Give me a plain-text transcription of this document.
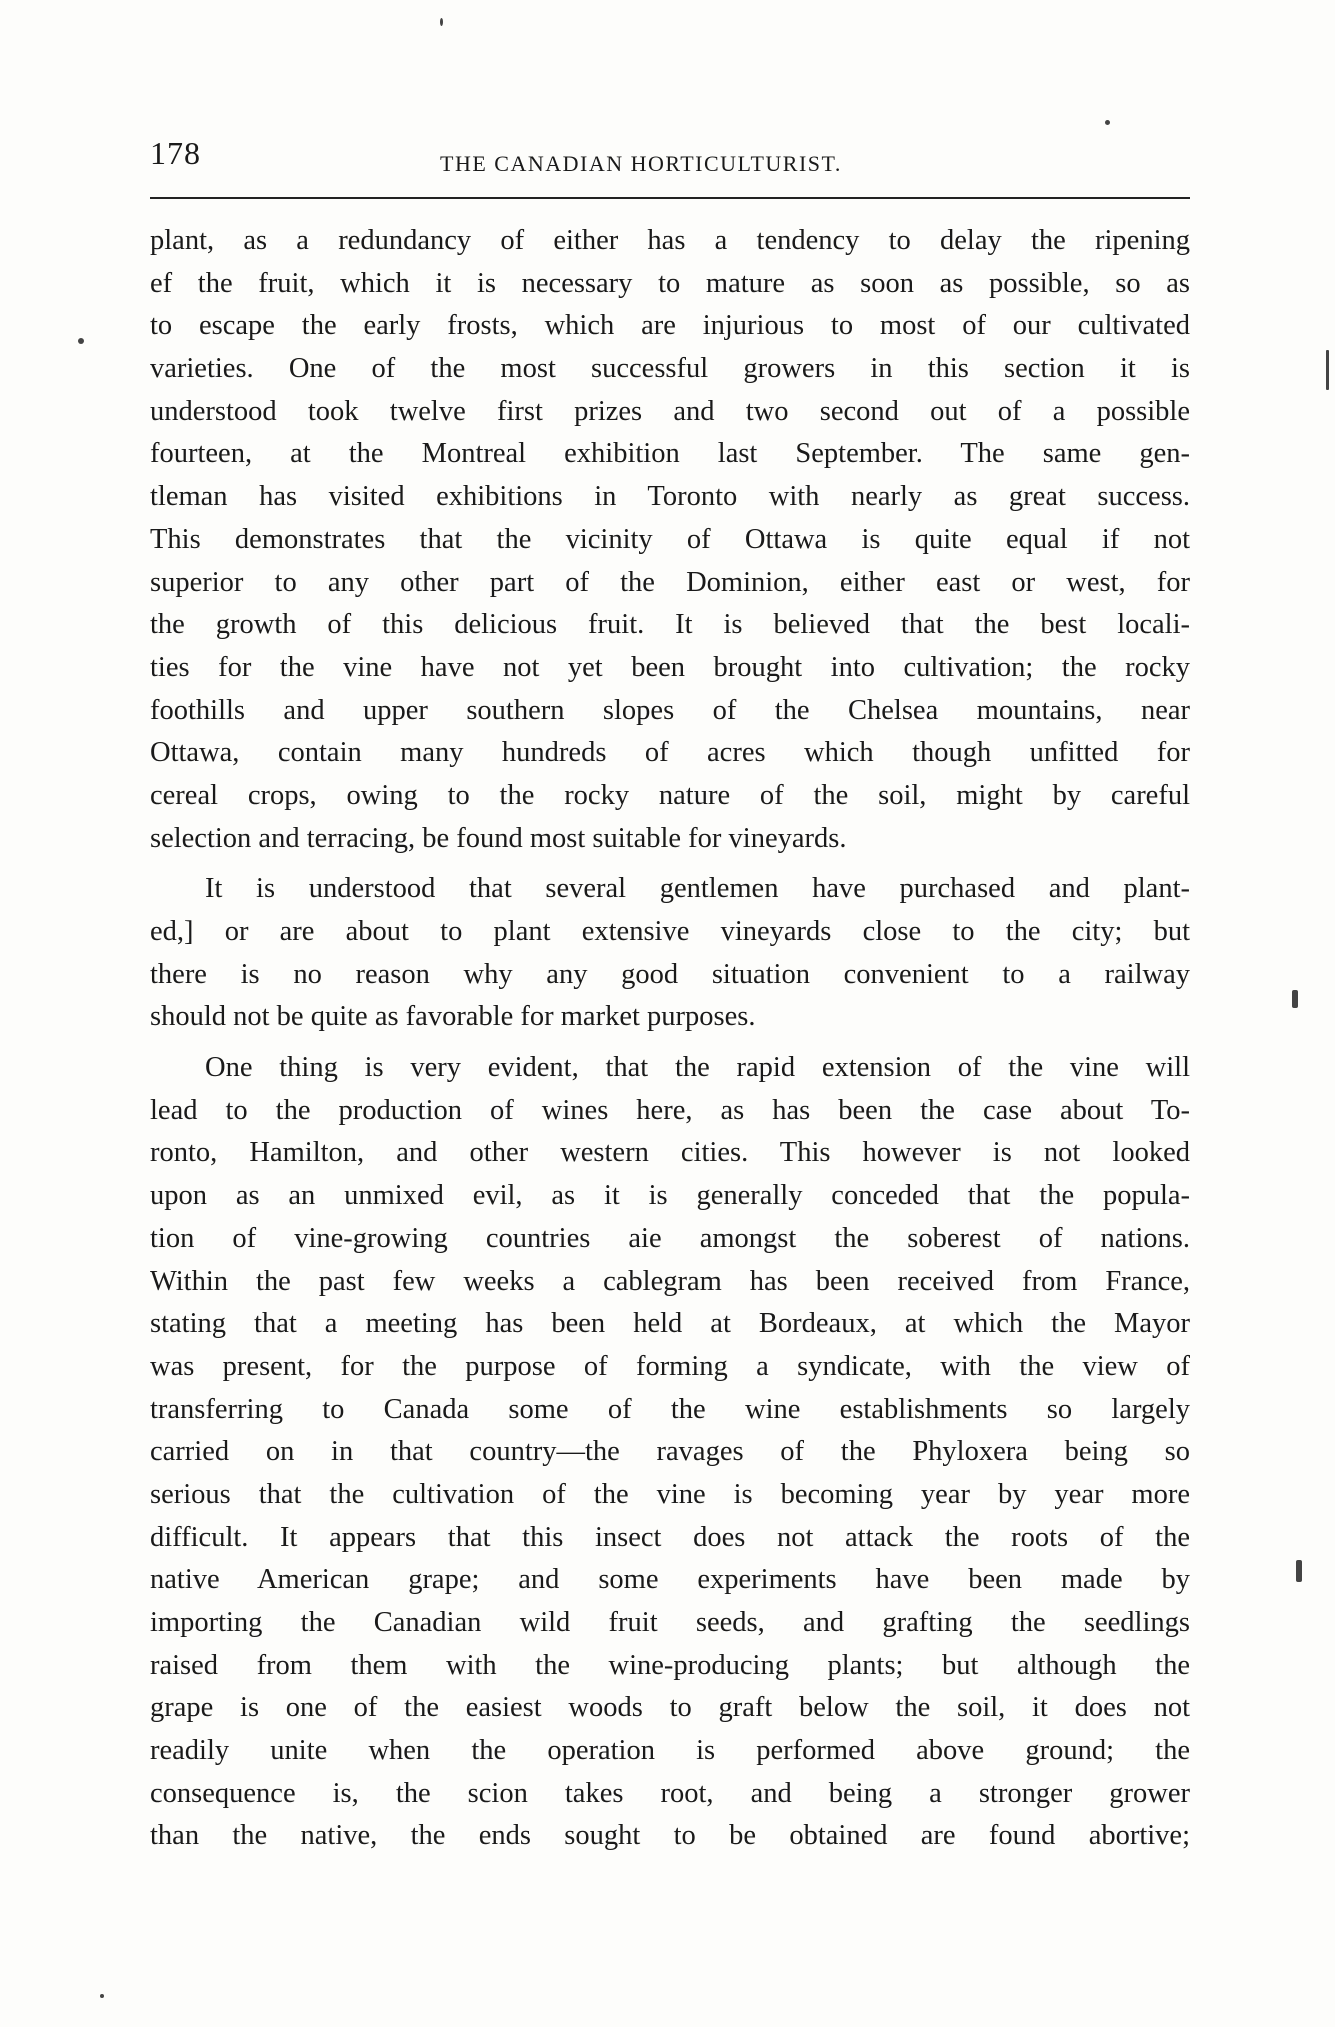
178	THE CANADIAN HORTICULTURIST.
plant, as a redundancy of either has a tendency to delay the ripening
ef the fruit, which it is necessary to mature as soon as possible, so as
to escape the early frosts, which are injurious to most of our cultivated
varieties. One of the most successful growers in this section it is
understood took twelve first prizes and two second out of a possible
fourteen, at the Montreal exhibition last September. The same gen-
tleman has visited exhibitions in Toronto with nearly as great success.
This demonstrates that the vicinity of Ottawa is quite equal if not
superior to any other part of the Dominion, either east or west, for
the growth of this delicious fruit. It is believed that the best locali-
ties for the vine have not yet been brought into cultivation; the rocky
foothills and upper southern slopes of the Chelsea mountains, near
Ottawa, contain many hundreds of acres which though unfitted for
cereal crops, owing to the rocky nature of the soil, might by careful
selection and terracing, be found most suitable for vineyards.
It is understood that several gentlemen have purchased and plant-
ed,] or are about to plant extensive vineyards close to the city; but
there is no reason why any good situation convenient to a railway
should not be quite as favorable for market purposes.
One thing is very evident, that the rapid extension of the vine will
lead to the production of wines here, as has been the case about To-
ronto, Hamilton, and other western cities. This however is not looked
upon as an unmixed evil, as it is generally conceded that the popula-
tion of vine-growing countries aie amongst the soberest of nations.
Within the past few weeks a cablegram has been received from France,
stating that a meeting has been held at Bordeaux, at which the Mayor
was present, for the purpose of forming a syndicate, with the view of
transferring to Canada some of the wine establishments so largely
carried on in that country—the ravages of the Phyloxera being so
serious that the cultivation of the vine is becoming year by year more
difficult. It appears that this insect does not attack the roots of the
native American grape; and some experiments have been made by
importing the Canadian wild fruit seeds, and grafting the seedlings
raised from them with the wine-producing plants; but although the
grape is one of the easiest woods to graft below the soil, it does not
readily unite when the operation is performed above ground; the
consequence is, the scion takes root, and being a stronger grower
than the native, the ends sought to be obtained are found abortive;
